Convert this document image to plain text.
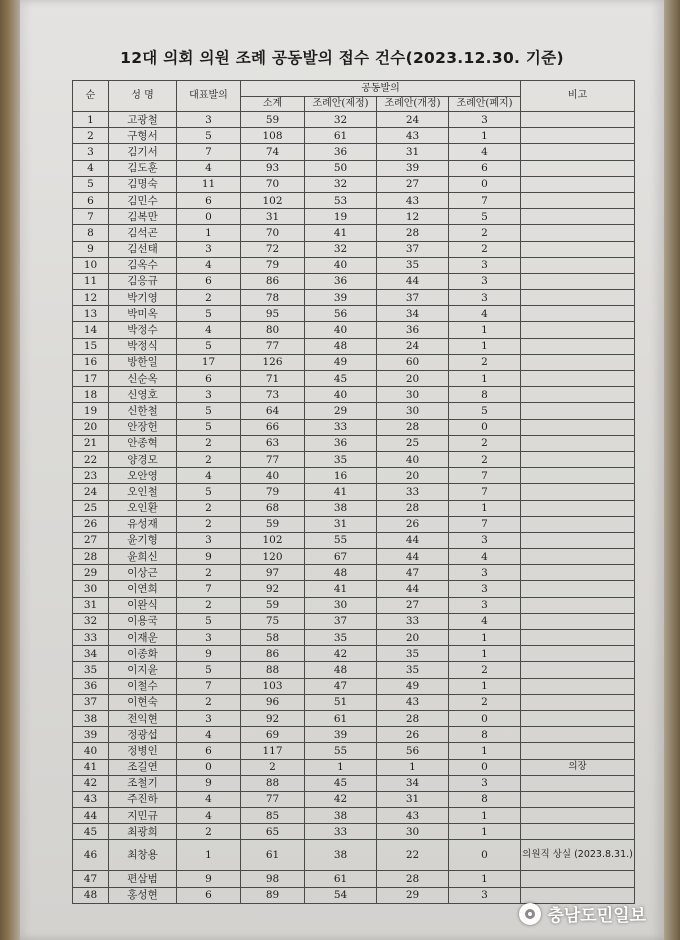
12대 의회 의원 조례 공동발의 접수 건수(2023.12.30. 기준)
순	성 명	대표발의	공동발의				비고
			소계	조례안(제정)	조례안(개정)	조례안(폐지)	
1	고광철	3	59	32	24	3	
2	구형서	5	108	61	43	1	
3	김기서	7	74	36	31	4	
4	김도훈	4	93	50	39	6	
5	김명숙	11	70	32	27	0	
6	김민수	6	102	53	43	7	
7	김복만	0	31	19	12	5	
8	김석곤	1	70	41	28	2	
9	김선태	3	72	32	37	2	
10	김옥수	4	79	40	35	3	
11	김응규	6	86	36	44	3	
12	박기영	2	78	39	37	3	
13	박미옥	5	95	56	34	4	
14	박정수	4	80	40	36	1	
15	박정식	5	77	48	24	1	
16	방한일	17	126	49	60	2	
17	신순옥	6	71	45	20	1	
18	신영호	3	73	40	30	8	
19	신한철	5	64	29	30	5	
20	안장헌	5	66	33	28	0	
21	안종혁	2	63	36	25	2	
22	양경모	2	77	35	40	2	
23	오안영	4	40	16	20	7	
24	오인철	5	79	41	33	7	
25	오인환	2	68	38	28	1	
26	유성재	2	59	31	26	7	
27	윤기형	3	102	55	44	3	
28	윤희신	9	120	67	44	4	
29	이상근	2	97	48	47	3	
30	이연희	7	92	41	44	3	
31	이완식	2	59	30	27	3	
32	이용국	5	75	37	33	4	
33	이재운	3	58	35	20	1	
34	이종화	9	86	42	35	1	
35	이지윤	5	88	48	35	2	
36	이철수	7	103	47	49	1	
37	이현숙	2	96	51	43	2	
38	전익현	3	92	61	28	0	
39	정광섭	4	69	39	26	8	
40	정병인	6	117	55	56	1	
41	조길연	0	2	1	1	0	의장
42	조철기	9	88	45	34	3	
43	주진하	4	77	42	31	8	
44	지민규	4	85	38	43	1	
45	최광희	2	65	33	30	1	
46	최창용	1	61	38	22	0	의원직 상실 (2023.8.31.)
47	편삼범	9	98	61	28	1	
48	홍성현	6	89	54	29	3	
충남도민일보
